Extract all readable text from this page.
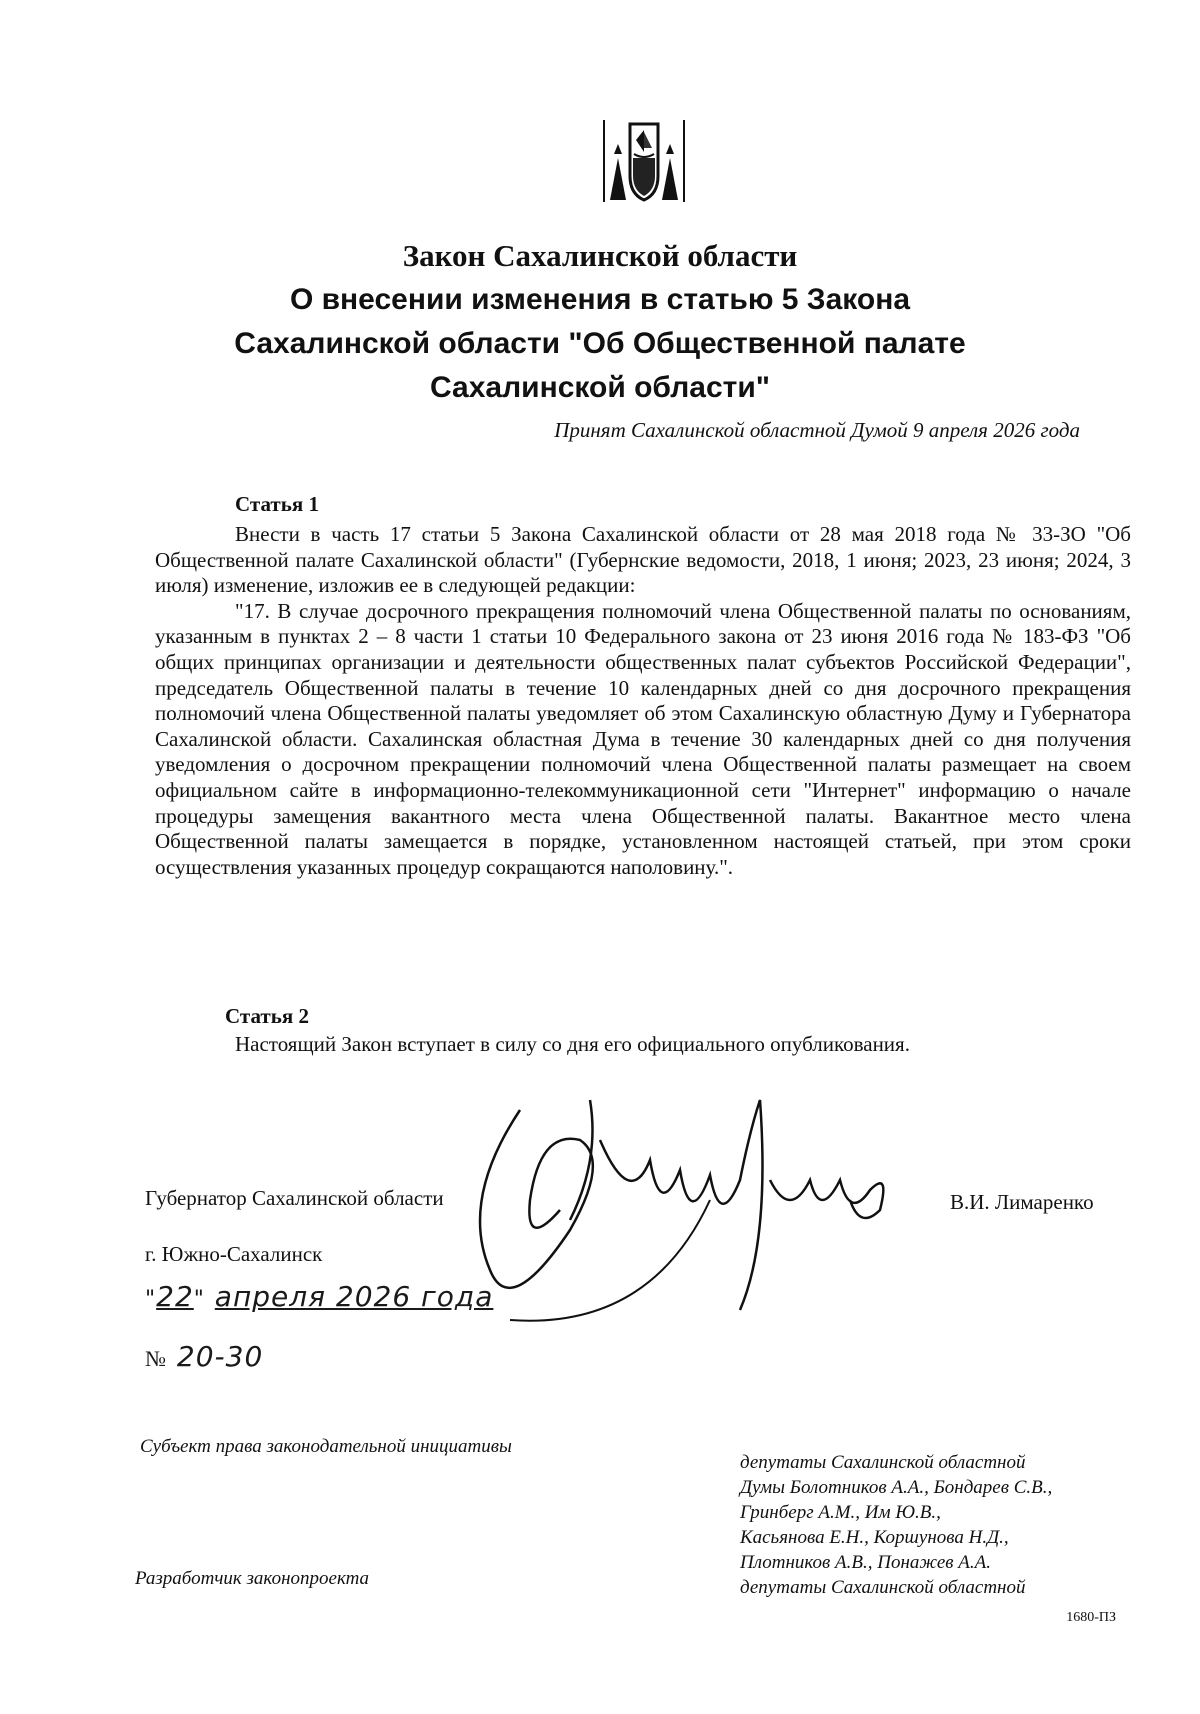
Закон Сахалинской области
О внесении изменения в статью 5 Закона
Сахалинской области "Об Общественной палате
Сахалинской области"
Принят Сахалинской областной Думой 9 апреля 2026 года
Статья 1

Внести в часть 17 статьи 5 Закона Сахалинской области от 28 мая 2018 года № 33-ЗО "Об Общественной палате Сахалинской области" (Губернские ведомости, 2018, 1 июня; 2023, 23 июня; 2024, 3 июля) изменение, изложив ее в следующей редакции:

"17. В случае досрочного прекращения полномочий члена Общественной палаты по основаниям, указанным в пунктах 2 – 8 части 1 статьи 10 Федерального закона от 23 июня 2016 года № 183-ФЗ "Об общих принципах организации и деятельности общественных палат субъектов Российской Федерации", председатель Общественной палаты в течение 10 календарных дней со дня досрочного прекращения полномочий члена Общественной палаты уведомляет об этом Сахалинскую областную Думу и Губернатора Сахалинской области. Сахалинская областная Дума в течение 30 календарных дней со дня получения уведомления о досрочном прекращении полномочий члена Общественной палаты размещает на своем официальном сайте в информационно-телекоммуникационной сети "Интернет" информацию о начале процедуры замещения вакантного места члена Общественной палаты. Вакантное место члена Общественной палаты замещается в порядке, установленном настоящей статьей, при этом сроки осуществления указанных процедур сокращаются наполовину.".

Статья 2

Настоящий Закон вступает в силу со дня его официального опубликования.

Губернатор Сахалинской области	В.И. Лимаренко
г. Южно-Сахалинск
"22" апреля 2026 года
№ 20-30
Субъект права законодательной инициативы
Разработчик законопроекта
депутаты Сахалинской областной
Думы Болотников А.А., Бондарев С.В.,
Гринберг А.М., Им Ю.В.,
Касьянова Е.Н., Коршунова Н.Д.,
Плотников А.В., Понажев А.А.
депутаты Сахалинской областной
1680-ПЗ
